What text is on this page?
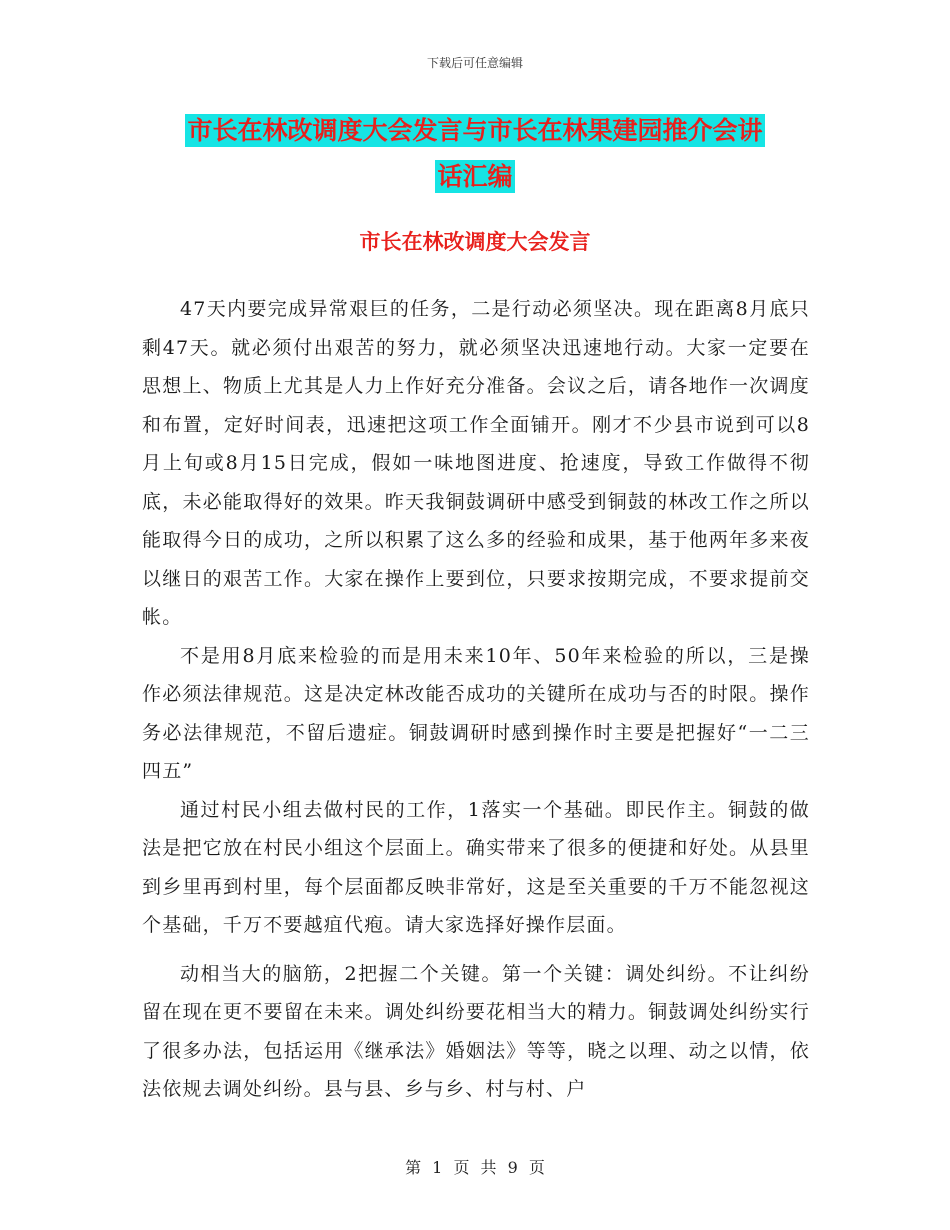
下载后可任意编辑
市长在林改调度大会发言与市长在林果建园推介会讲
话汇编
市长在林改调度大会发言

47天内要完成异常艰巨的任务，二是行动必须坚决。现在距离8月底只剩47天。就必须付出艰苦的努力，就必须坚决迅速地行动。大家一定要在思想上、物质上尤其是人力上作好充分准备。会议之后，请各地作一次调度和布置，定好时间表，迅速把这项工作全面铺开。刚才不少县市说到可以8月上旬或8月15日完成，假如一味地图进度、抢速度，导致工作做得不彻底，未必能取得好的效果。昨天我铜鼓调研中感受到铜鼓的林改工作之所以能取得今日的成功，之所以积累了这么多的经验和成果，基于他两年多来夜以继日的艰苦工作。大家在操作上要到位，只要求按期完成，不要求提前交帐。

不是用8月底来检验的而是用未来10年、50年来检验的所以，三是操作必须法律规范。这是决定林改能否成功的关键所在成功与否的时限。操作务必法律规范，不留后遗症。铜鼓调研时感到操作时主要是把握好“一二三四五”

通过村民小组去做村民的工作，1落实一个基础。即民作主。铜鼓的做法是把它放在村民小组这个层面上。确实带来了很多的便捷和好处。从县里到乡里再到村里，每个层面都反映非常好，这是至关重要的千万不能忽视这个基础，千万不要越疽代疱。请大家选择好操作层面。

动相当大的脑筋，2把握二个关键。第一个关键：调处纠纷。不让纠纷留在现在更不要留在未来。调处纠纷要花相当大的精力。铜鼓调处纠纷实行了很多办法，包括运用《继承法》婚姻法》等等，晓之以理、动之以情，依法依规去调处纠纷。县与县、乡与乡、村与村、户

第 1 页 共 9 页
